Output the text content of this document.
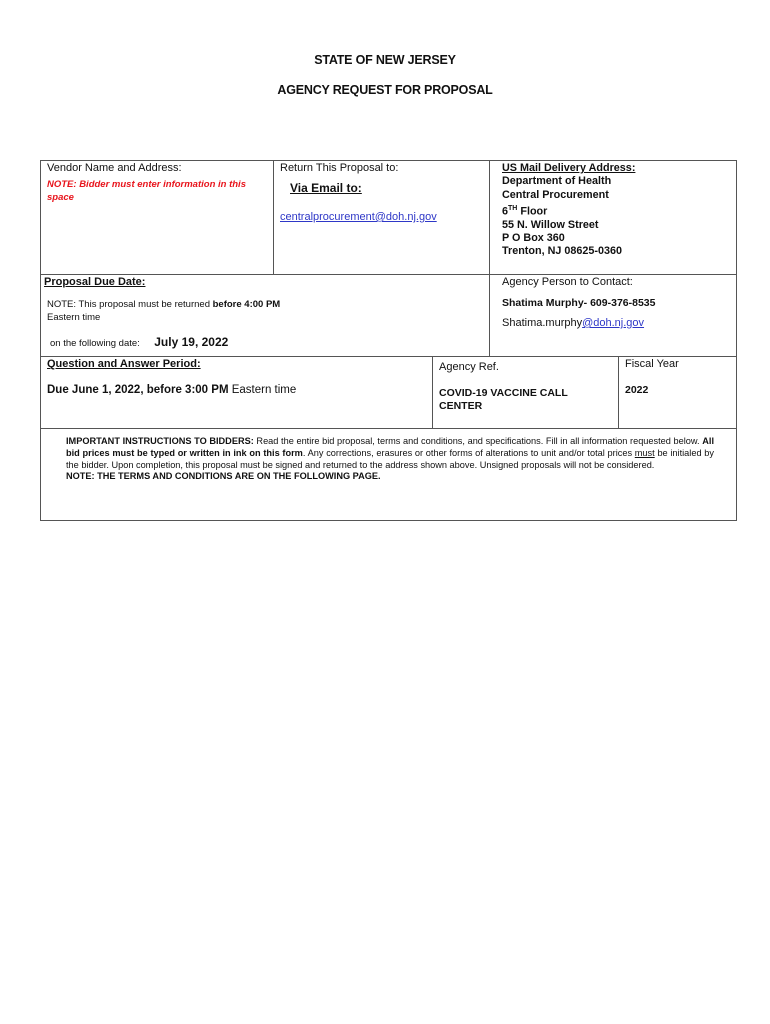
STATE OF NEW JERSEY
AGENCY REQUEST FOR PROPOSAL
Vendor Name and Address:
NOTE: Bidder must enter information in this space
Return This Proposal to:
Via Email to:
centralprocurement@doh.nj.gov
US Mail Delivery Address:
Department of Health
Central Procurement
6TH Floor
55 N. Willow Street
P O Box 360
Trenton, NJ 08625-0360
Proposal Due Date:
NOTE: This proposal must be returned before 4:00 PM
Eastern time
on the following date: July 19, 2022
Agency Person to Contact:
Shatima Murphy- 609-376-8535
Shatima.murphy@doh.nj.gov
Question and Answer Period:
Due June 1, 2022, before 3:00 PM Eastern time
Agency Ref.
COVID-19 VACCINE CALL CENTER
Fiscal Year
2022
IMPORTANT INSTRUCTIONS TO BIDDERS: Read the entire bid proposal, terms and conditions, and specifications. Fill in all information requested below. All bid prices must be typed or written in ink on this form. Any corrections, erasures or other forms of alterations to unit and/or total prices must be initialed by the bidder. Upon completion, this proposal must be signed and returned to the address shown above. Unsigned proposals will not be considered.
NOTE: THE TERMS AND CONDITIONS ARE ON THE FOLLOWING PAGE.
